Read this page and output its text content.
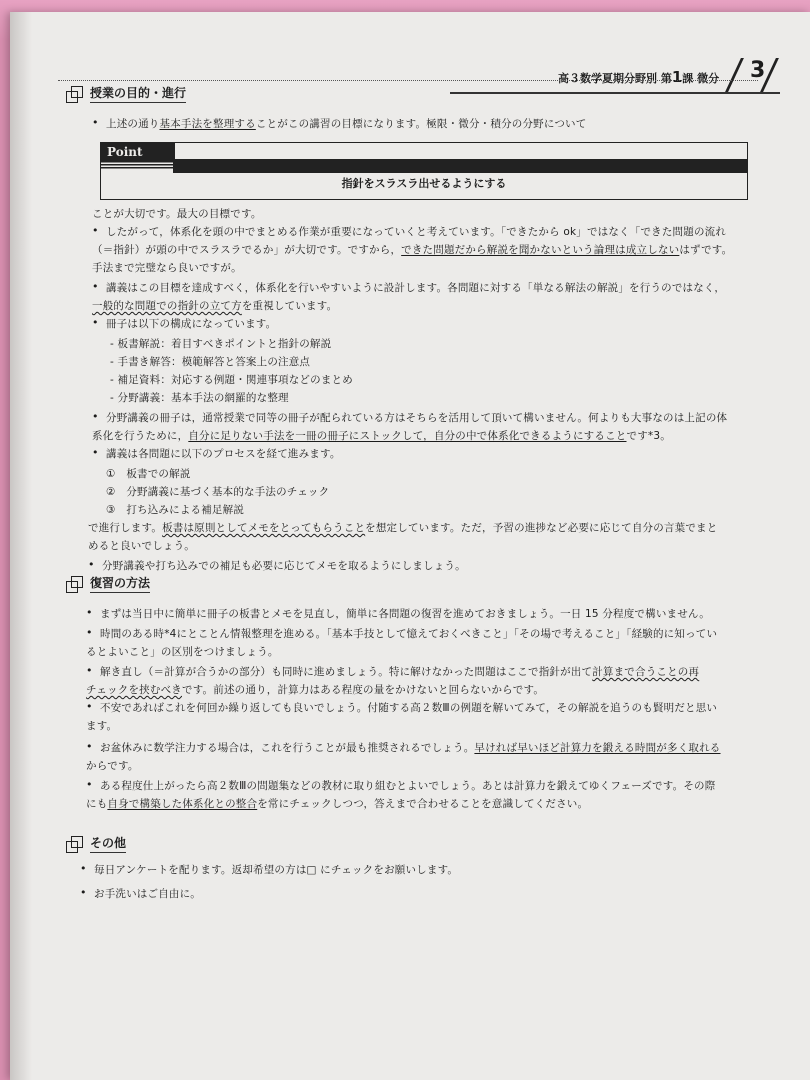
高３数学夏期分野別 第1課 微分 3
授業の目的・進行
• 上述の通り基本手法を整理することがこの講習の目標になります。極限・微分・積分の分野について
Point
指針をスラスラ出せるようにする
ことが大切です。最大の目標です。
• したがって，体系化を頭の中でまとめる作業が重要になっていくと考えています。「できたから ok」ではなく「できた問題の流れ
（＝指針）が頭の中でスラスラでるか」が大切です。ですから，できた問題だから解説を聞かないという論理は成立しないはずです。
手法まで完璧なら良いですが。
• 講義はこの目標を達成すべく，体系化を行いやすいように設計します。各問題に対する「単なる解法の解説」を行うのではなく，
一般的な問題での指針の立て方を重視しています。
• 冊子は以下の構成になっています。
- 板書解説：着目すべきポイントと指針の解説
- 手書き解答：模範解答と答案上の注意点
- 補足資料：対応する例題・関連事項などのまとめ
- 分野講義：基本手法の網羅的な整理
• 分野講義の冊子は，通常授業で同等の冊子が配られている方はそちらを活用して頂いて構いません。何よりも大事なのは上記の体
系化を行うために，自分に足りない手法を一冊の冊子にストックして，自分の中で体系化できるようにすることです*3。
• 講義は各問題に以下のプロセスを経て進みます。
①　板書での解説
②　分野講義に基づく基本的な手法のチェック
③　打ち込みによる補足解説
で進行します。板書は原則としてメモをとってもらうことを想定しています。ただ，予習の進捗など必要に応じて自分の言葉でまと
めると良いでしょう。
• 分野講義や打ち込みでの補足も必要に応じてメモを取るようにしましょう。
復習の方法
• まずは当日中に簡単に冊子の板書とメモを見直し，簡単に各問題の復習を進めておきましょう。一日 15 分程度で構いません。
• 時間のある時*4にとことん情報整理を進める。「基本手技として憶えておくべきこと」「その場で考えること」「経験的に知ってい
るとよいこと」の区別をつけましょう。
• 解き直し（＝計算が合うかの部分）も同時に進めましょう。特に解けなかった問題はここで指針が出て計算まで合うことの再
チェックを挟むべきです。前述の通り，計算力はある程度の量をかけないと回らないからです。
• 不安であればこれを何回か繰り返しても良いでしょう。付随する高２数Ⅲの例題を解いてみて，その解説を追うのも賢明だと思い
ます。
• お盆休みに数学注力する場合は，これを行うことが最も推奨されるでしょう。早ければ早いほど計算力を鍛える時間が多く取れる
からです。
• ある程度仕上がったら高２数Ⅲの問題集などの教材に取り組むとよいでしょう。あとは計算力を鍛えてゆくフェーズです。その際
にも自身で構築した体系化との整合を常にチェックしつつ，答えまで合わせることを意識してください。
その他
• 毎日アンケートを配ります。返却希望の方は□ にチェックをお願いします。
• お手洗いはご自由に。
